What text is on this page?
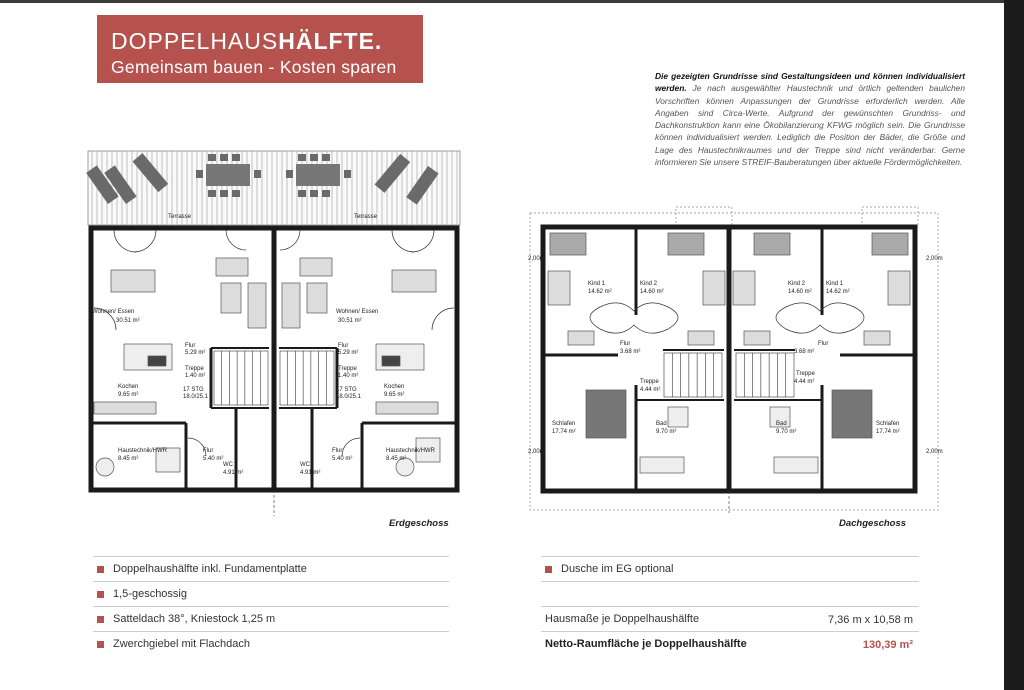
DOPPELHAUSHÄLFTE.
Gemeinsam bauen - Kosten sparen	Die gezeigten Grundrisse sind Gestaltungsideen und können individualisiert werden. Je nach ausgewählter Haustechnik und örtlich geltenden baulichen Vorschriften können Anpassungen der Grundrisse erforderlich werden. Alle Angaben sind Circa-Werte. Aufgrund der gewünschten Grundriss- und Dachkonstruktion kann eine Ökobilanzierung KFWG möglich sein. Die Grundrisse können individualisiert werden. Lediglich die Position der Bäder, die Größe und Lage des Haustechnikraumes und der Treppe sind nicht veränderbar. Gerne informieren Sie unsere STREIF-Bauberatungen über aktuelle Fördermöglichkeiten.
Terrasse	Terrasse
Wohnen/ Essen
30.51 m²
Flur
5.29 m²
Treppe
1.40 m²
17 STG
18.0/25.1
Kochen
9.65 m²
Haustechnik/HWR
8.45 m²
Flur
5.40 m²
WC
4.91 m²
Wohnen/ Essen
30.51 m²
Flur
5.29 m²
Treppe
1.40 m²
17 STG
18.0/25.1
Kochen
9.65 m²
Haustechnik/HWR
8.45 m²
Flur
5.40 m²
WC
4.91 m²
2,00m
2,00m
2,00m
2,00m
Kind 1
14.62 m²
Kind 2
14.60 m²
Kind 2
14.60 m²
Kind 1
14.62 m²
Flur
3.68 m²
Flur
3.68 m²
Treppe
4.44 m²
Treppe
4.44 m²
Schlafen
17.74 m²
Schlafen
17.74 m²
Bad
9.70 m²
Bad
9.70 m²
Erdgeschoss	Dachgeschoss
Doppelhaushälfte inkl. Fundamentplatte
1,5-geschossig
Satteldach 38°, Kniestock 1,25 m
Zwerchgiebel mit Flachdach
Dusche im EG optional
Hausmaße je Doppelhaushälfte	7,36 m x 10,58 m
Netto-Raumfläche je Doppelhaushälfte	130,39 m²
